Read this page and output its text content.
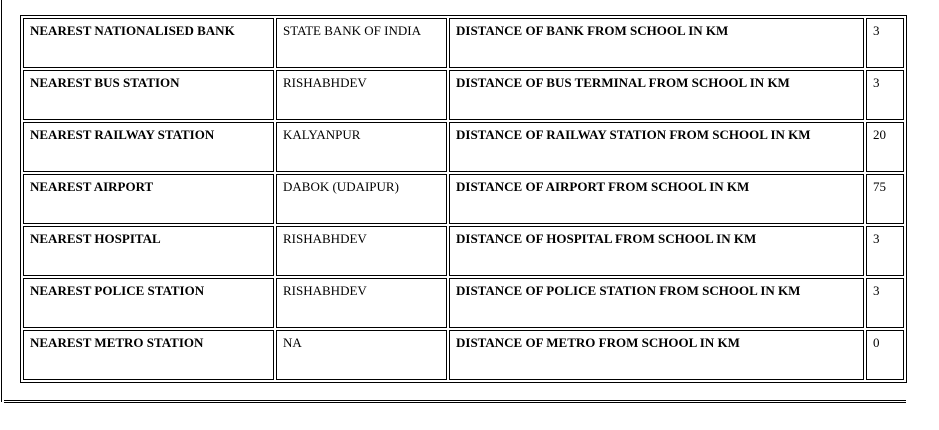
NEAREST NATIONALISED BANK	STATE BANK OF INDIA	DISTANCE OF BANK FROM SCHOOL IN KM	3
NEAREST BUS STATION	RISHABHDEV	DISTANCE OF BUS TERMINAL FROM SCHOOL IN KM	3
NEAREST RAILWAY STATION	KALYANPUR	DISTANCE OF RAILWAY STATION FROM SCHOOL IN KM	20
NEAREST AIRPORT	DABOK (UDAIPUR)	DISTANCE OF AIRPORT FROM SCHOOL IN KM	75
NEAREST HOSPITAL	RISHABHDEV	DISTANCE OF HOSPITAL FROM SCHOOL IN KM	3
NEAREST POLICE STATION	RISHABHDEV	DISTANCE OF POLICE STATION FROM SCHOOL IN KM	3
NEAREST METRO STATION	NA	DISTANCE OF METRO FROM SCHOOL IN KM	0
